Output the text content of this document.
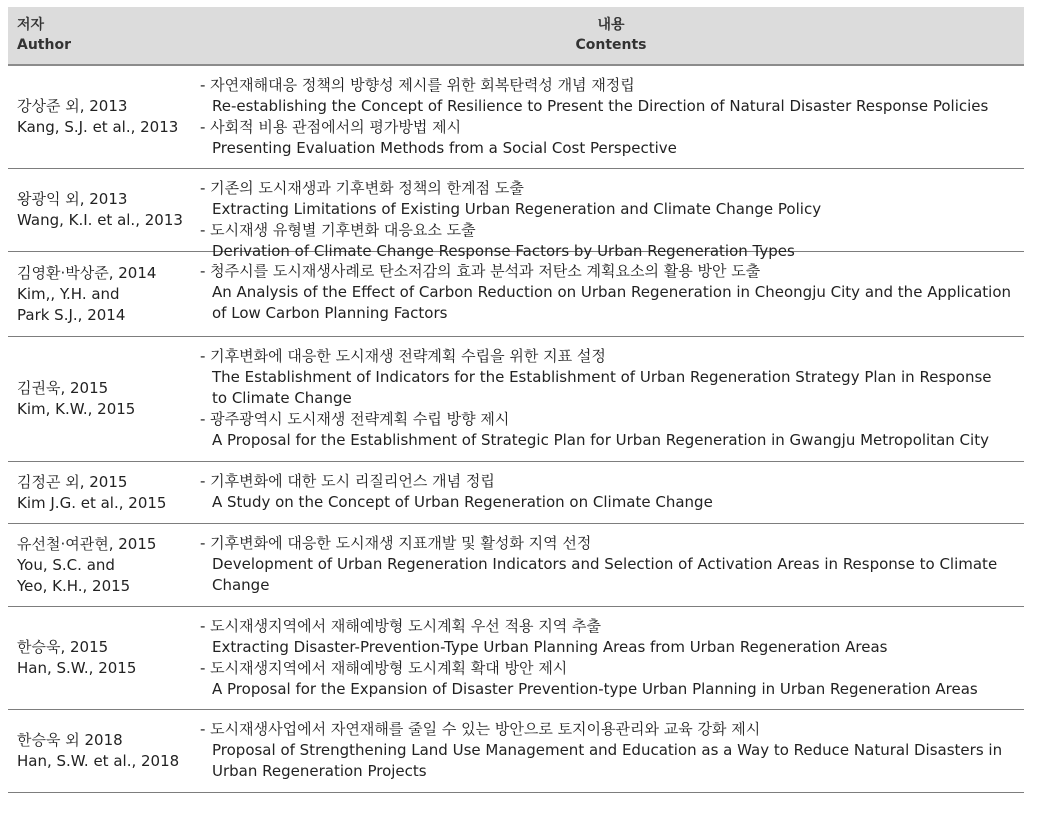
저자
Author
내용
Contents
강상준 외, 2013
Kang, S.J. et al., 2013
- 자연재해대응 정책의 방향성 제시를 위한 회복탄력성 개념 재정립
Re-establishing the Concept of Resilience to Present the Direction of Natural Disaster Response Policies
- 사회적 비용 관점에서의 평가방법 제시
Presenting Evaluation Methods from a Social Cost Perspective
왕광익 외, 2013
Wang, K.I. et al., 2013
- 기존의 도시재생과 기후변화 정책의 한계점 도출
Extracting Limitations of Existing Urban Regeneration and Climate Change Policy
- 도시재생 유형별 기후변화 대응요소 도출
Derivation of Climate Change Response Factors by Urban Regeneration Types
김영환·박상준, 2014
Kim,, Y.H. and
Park S.J., 2014
- 청주시를 도시재생사례로 탄소저감의 효과 분석과 저탄소 계획요소의 활용 방안 도출
An Analysis of the Effect of Carbon Reduction on Urban Regeneration in Cheongju City and the Application
of Low Carbon Planning Factors
김권욱, 2015
Kim, K.W., 2015
- 기후변화에 대응한 도시재생 전략계획 수립을 위한 지표 설정
The Establishment of Indicators for the Establishment of Urban Regeneration Strategy Plan in Response
to Climate Change
- 광주광역시 도시재생 전략계획 수립 방향 제시
A Proposal for the Establishment of Strategic Plan for Urban Regeneration in Gwangju Metropolitan City
김정곤 외, 2015
Kim J.G. et al., 2015
- 기후변화에 대한 도시 리질리언스 개념 정립
A Study on the Concept of Urban Regeneration on Climate Change
유선철·여관현, 2015
You, S.C. and
Yeo, K.H., 2015
- 기후변화에 대응한 도시재생 지표개발 및 활성화 지역 선정
Development of Urban Regeneration Indicators and Selection of Activation Areas in Response to Climate
Change
한승욱, 2015
Han, S.W., 2015
- 도시재생지역에서 재해예방형 도시계획 우선 적용 지역 추출
Extracting Disaster-Prevention-Type Urban Planning Areas from Urban Regeneration Areas
- 도시재생지역에서 재해예방형 도시계획 확대 방안 제시
A Proposal for the Expansion of Disaster Prevention-type Urban Planning in Urban Regeneration Areas
한승욱 외 2018
Han, S.W. et al., 2018
- 도시재생사업에서 자연재해를 줄일 수 있는 방안으로 토지이용관리와 교육 강화 제시
Proposal of Strengthening Land Use Management and Education as a Way to Reduce Natural Disasters in
Urban Regeneration Projects
